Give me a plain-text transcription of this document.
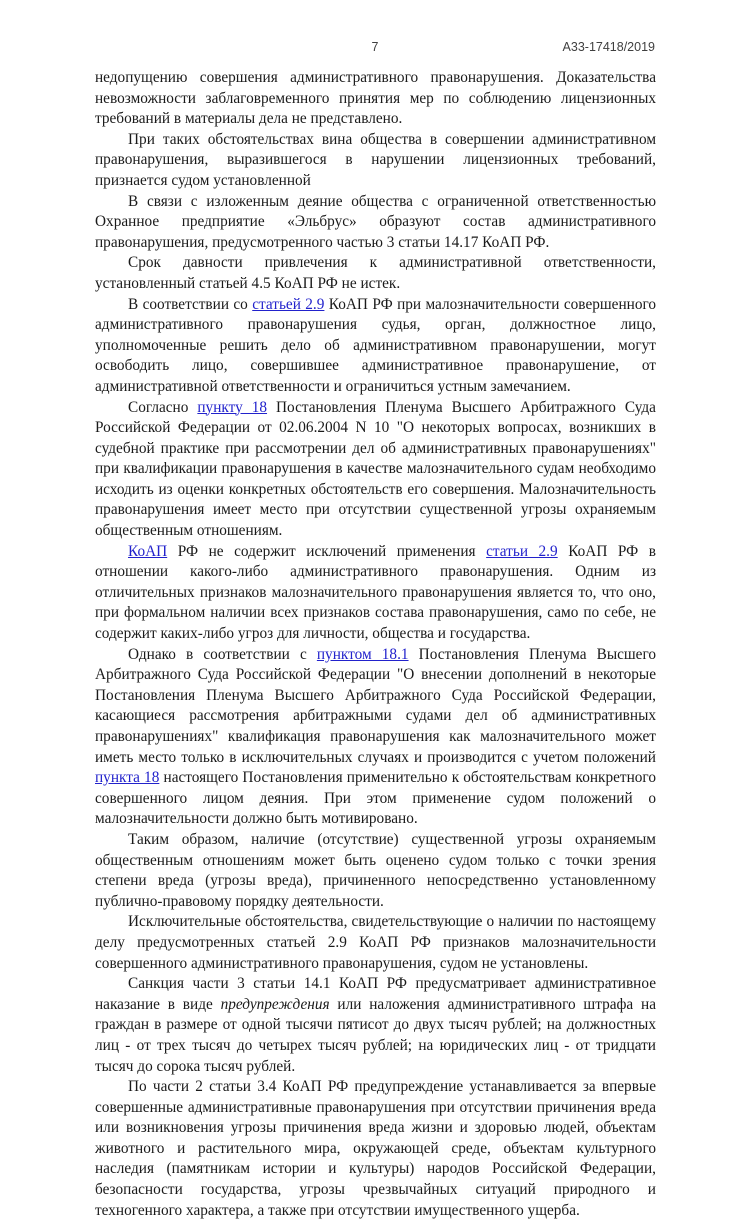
7	А33-17418/2019

недопущению совершения административного правонарушения. Доказательства невозможности заблаговременного принятия мер по соблюдению лицензионных требований в материалы дела не представлено.

При таких обстоятельствах вина общества в совершении административном правонарушения, выразившегося в нарушении лицензионных требований, признается судом установленной

В связи с изложенным деяние общества с ограниченной ответственностью Охранное предприятие «Эльбрус» образуют состав административного правонарушения, предусмотренного частью 3 статьи 14.17 КоАП РФ.

Срок давности привлечения к административной ответственности, установленный статьей 4.5 КоАП РФ не истек.

В соответствии со статьей 2.9 КоАП РФ при малозначительности совершенного административного правонарушения судья, орган, должностное лицо, уполномоченные решить дело об административном правонарушении, могут освободить лицо, совершившее административное правонарушение, от административной ответственности и ограничиться устным замечанием.

Согласно пункту 18 Постановления Пленума Высшего Арбитражного Суда Российской Федерации от 02.06.2004 N 10 "О некоторых вопросах, возникших в судебной практике при рассмотрении дел об административных правонарушениях" при квалификации правонарушения в качестве малозначительного судам необходимо исходить из оценки конкретных обстоятельств его совершения. Малозначительность правонарушения имеет место при отсутствии существенной угрозы охраняемым общественным отношениям.

КоАП РФ не содержит исключений применения статьи 2.9 КоАП РФ в отношении какого-либо административного правонарушения. Одним из отличительных признаков малозначительного правонарушения является то, что оно, при формальном наличии всех признаков состава правонарушения, само по себе, не содержит каких-либо угроз для личности, общества и государства.

Однако в соответствии с пунктом 18.1 Постановления Пленума Высшего Арбитражного Суда Российской Федерации "О внесении дополнений в некоторые Постановления Пленума Высшего Арбитражного Суда Российской Федерации, касающиеся рассмотрения арбитражными судами дел об административных правонарушениях" квалификация правонарушения как малозначительного может иметь место только в исключительных случаях и производится с учетом положений пункта 18 настоящего Постановления применительно к обстоятельствам конкретного совершенного лицом деяния. При этом применение судом положений о малозначительности должно быть мотивировано.

Таким образом, наличие (отсутствие) существенной угрозы охраняемым общественным отношениям может быть оценено судом только с точки зрения степени вреда (угрозы вреда), причиненного непосредственно установленному публично-правовому порядку деятельности.

Исключительные обстоятельства, свидетельствующие о наличии по настоящему делу предусмотренных статьей 2.9 КоАП РФ признаков малозначительности совершенного административного правонарушения, судом не установлены.

Санкция части 3 статьи 14.1 КоАП РФ предусматривает административное наказание в виде предупреждения или наложения административного штрафа на граждан в размере от одной тысячи пятисот до двух тысяч рублей; на должностных лиц - от трех тысяч до четырех тысяч рублей; на юридических лиц - от тридцати тысяч до сорока тысяч рублей.

По части 2 статьи 3.4 КоАП РФ предупреждение устанавливается за впервые совершенные административные правонарушения при отсутствии причинения вреда или возникновения угрозы причинения вреда жизни и здоровью людей, объектам животного и растительного мира, окружающей среде, объектам культурного наследия (памятникам истории и культуры) народов Российской Федерации, безопасности государства, угрозы чрезвычайных ситуаций природного и техногенного характера, а также при отсутствии имущественного ущерба.
